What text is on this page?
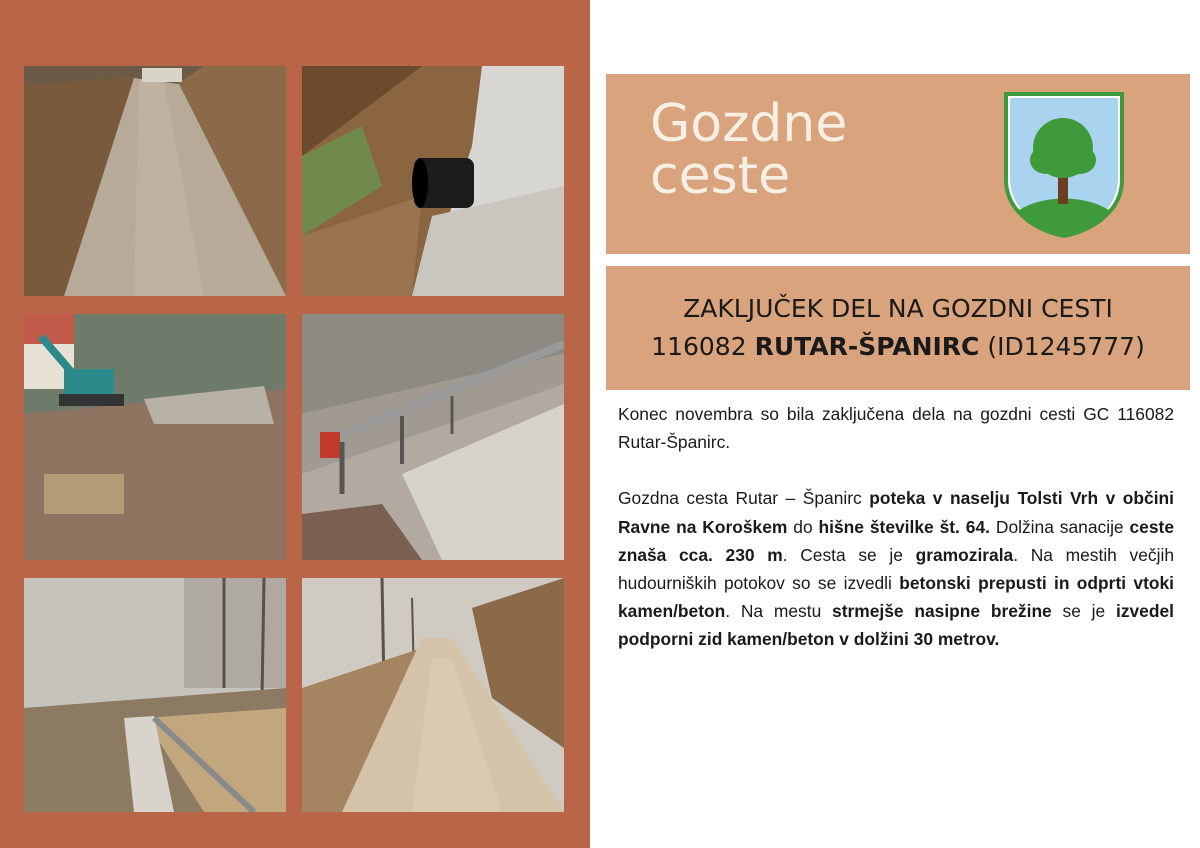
Gozdne
ceste
ZAKLJUČEK DEL NA GOZDNI CESTI
116082 RUTAR-ŠPANIRC (ID1245777)

Konec novembra so bila zaključena dela na gozdni cesti GC 116082 Rutar-Španirc.

Gozdna cesta Rutar – Španirc poteka v naselju Tolsti Vrh v občini Ravne na Koroškem do hišne številke št. 64. Dolžina sanacije ceste znaša cca. 230 m. Cesta se je gramozirala. Na mestih večjih hudourniških potokov so se izvedli betonski prepusti in odprti vtoki kamen/beton. Na mestu strmejše nasipne brežine se je izvedel podporni zid kamen/beton v dolžini 30 metrov.
